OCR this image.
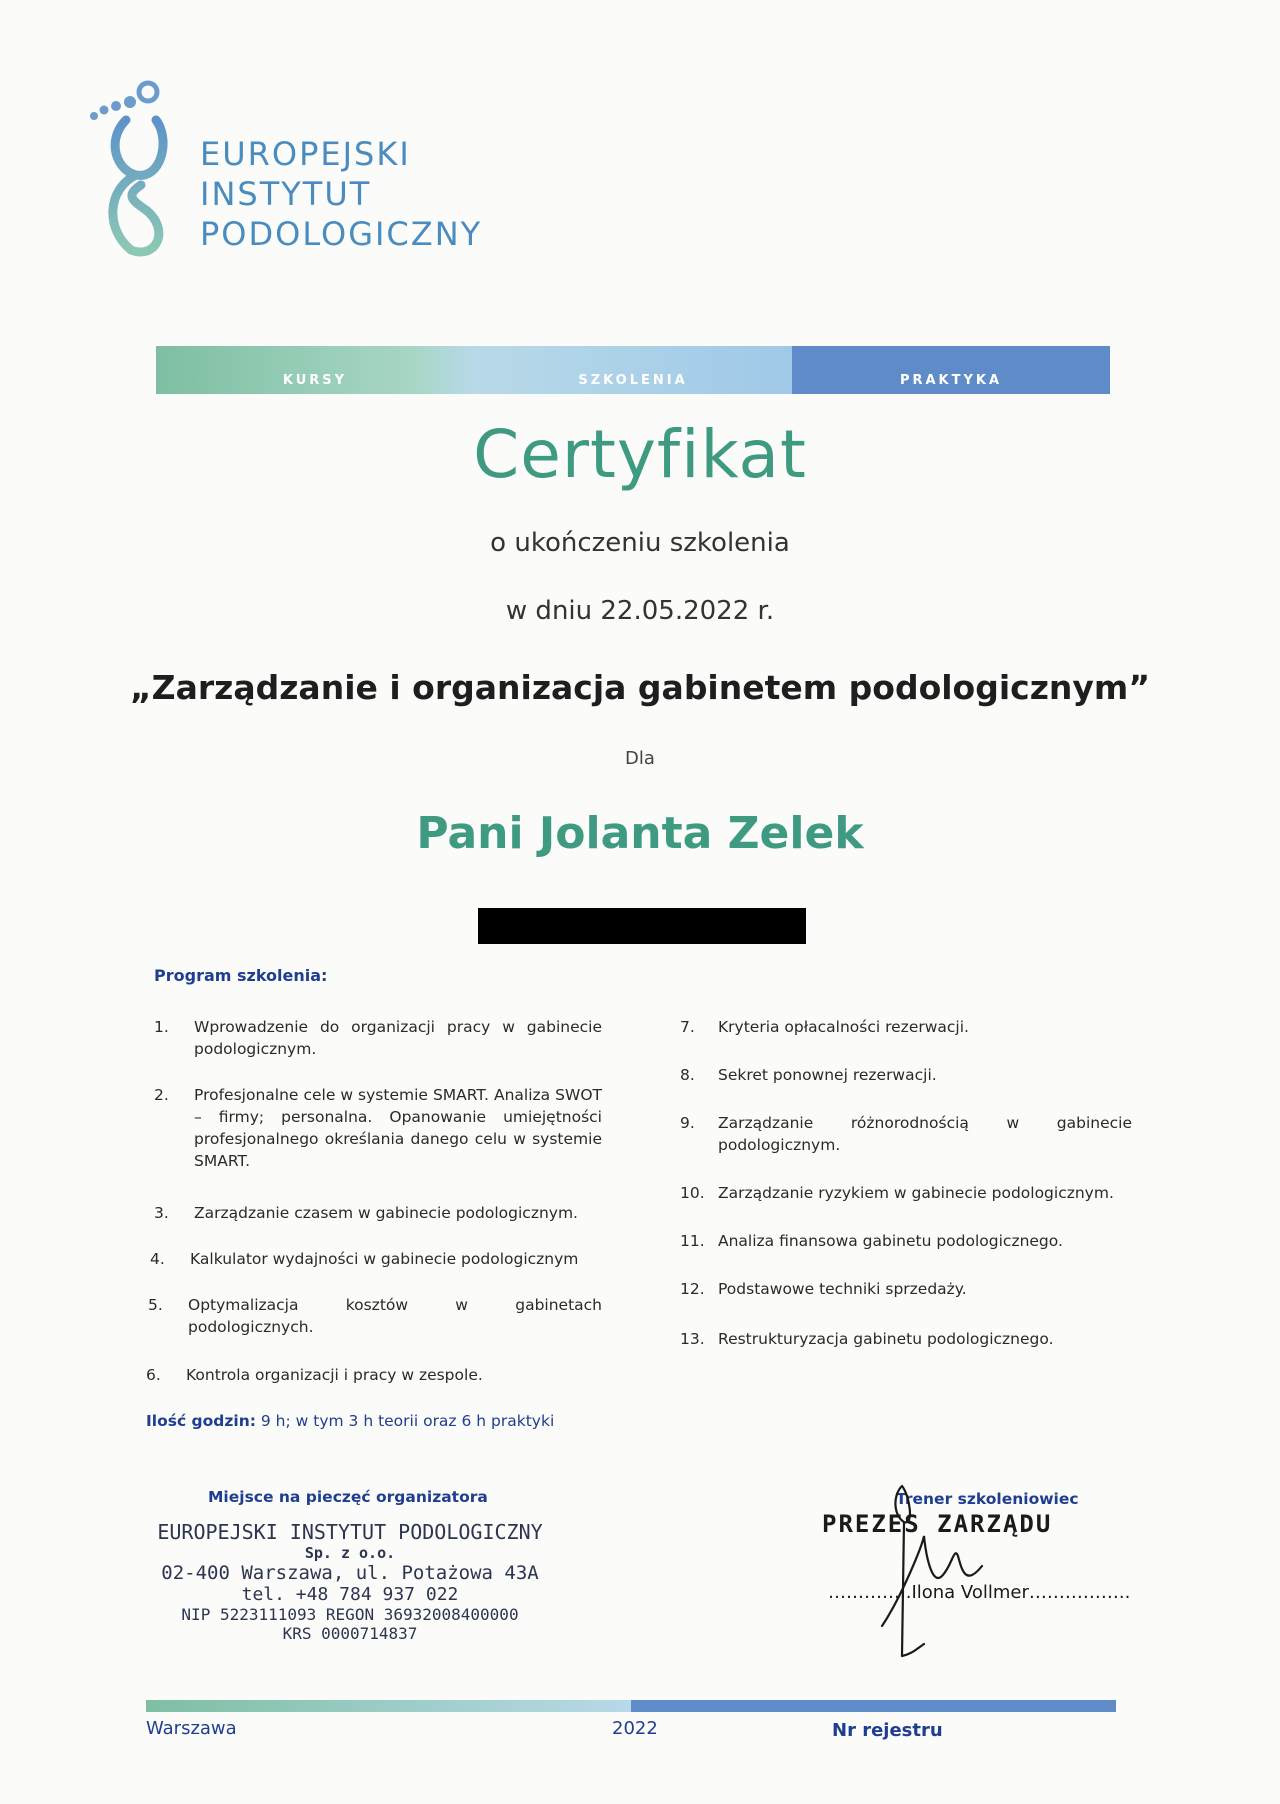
EUROPEJSKI
INSTYTUT
PODOLOGICZNY
KURSY	SZKOLENIA	PRAKTYKA
Certyfikat
o ukończeniu szkolenia
w dniu 22.05.2022 r.
„Zarządzanie i organizacja gabinetem podologicznym”
Dla
Pani Jolanta Zelek
Program szkolenia:
1.	Wprowadzenie do organizacji pracy w gabinecie podologicznym.
2.	Profesjonalne cele w systemie SMART. Analiza SWOT – firmy; personalna. Opanowanie umiejętności profesjonalnego określania danego celu w systemie SMART.
3.	Zarządzanie czasem w gabinecie podologicznym.
4.	Kalkulator wydajności w gabinecie podologicznym
5.	Optymalizacja kosztów w gabinetach podologicznych.
6.	Kontrola organizacji i pracy w zespole.
7.	Kryteria opłacalności rezerwacji.
8.	Sekret ponownej rezerwacji.
9.	Zarządzanie różnorodnością w gabinecie podologicznym.
10. Zarządzanie ryzykiem w gabinecie podologicznym.
11. Analiza finansowa gabinetu podologicznego.
12. Podstawowe techniki sprzedaży.
13. Restrukturyzacja gabinetu podologicznego.
Ilość godzin: 9 h; w tym 3 h teorii oraz 6 h praktyki
Miejsce na pieczęć organizatora
EUROPEJSKI INSTYTUT PODOLOGICZNY
Sp. z o.o.
02-400 Warszawa, ul. Potażowa 43A
tel. +48 784 937 022
NIP 5223111093 REGON 36932008400000
KRS 0000714837
Trener szkoleniowiec
PREZES ZARZĄDU
…………..Ilona Vollmer……………..
Warszawa	2022	Nr rejestru
